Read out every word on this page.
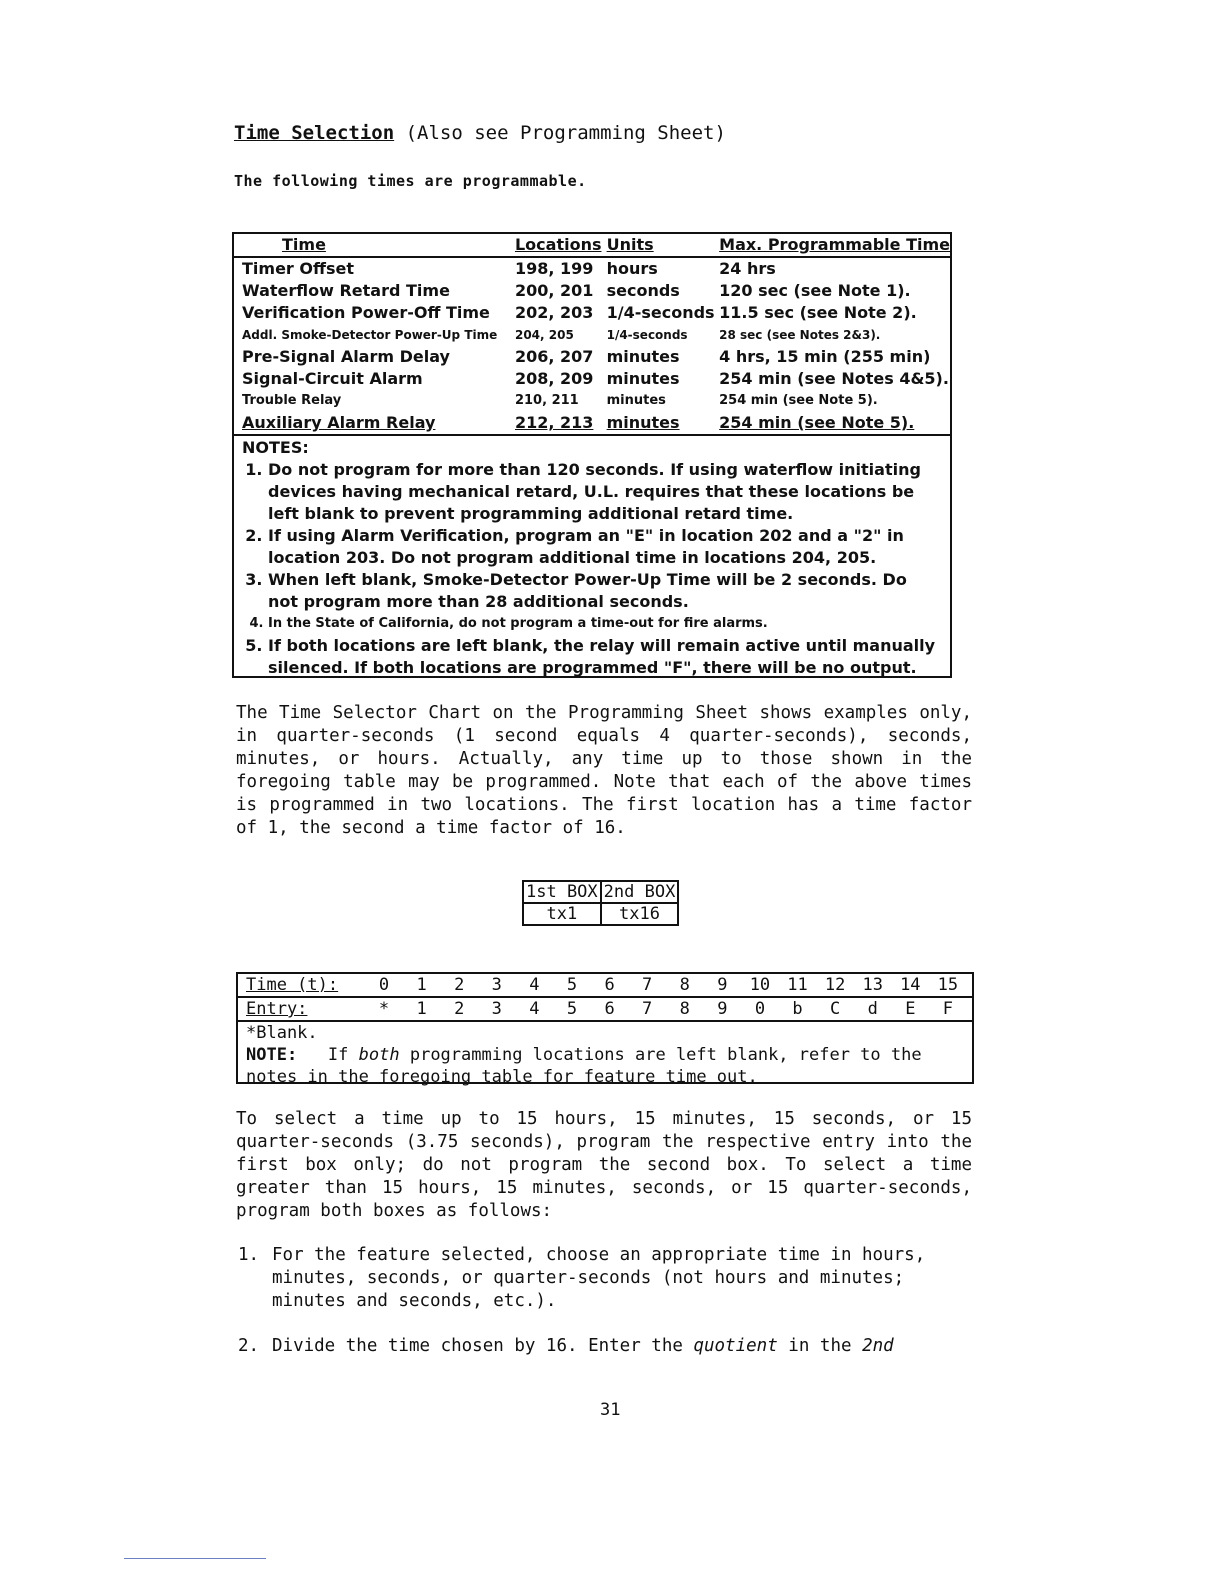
Time Selection (Also see Programming Sheet)
The following times are programmable.
Time	Locations	Units	Max. Programmable Time
Timer Offset	198, 199	hours	24 hrs
Waterflow Retard Time	200, 201	seconds	120 sec (see Note 1).
Verification Power-Off Time	202, 203	1/4-seconds	11.5 sec (see Note 2).
Addl. Smoke-Detector Power-Up Time	204, 205	1/4-seconds	28 sec (see Notes 2&3).
Pre-Signal Alarm Delay	206, 207	minutes	4 hrs, 15 min (255 min)
Signal-Circuit Alarm	208, 209	minutes	254 min (see Notes 4&5).
Trouble Relay	210, 211	minutes	254 min (see Note 5).
Auxiliary Alarm Relay	212, 213	minutes	254 min (see Note 5).
NOTES:
1. Do not program for more than 120 seconds. If using waterflow initiating devices having mechanical retard, U.L. requires that these locations be left blank to prevent programming additional retard time.
2. If using Alarm Verification, program an "E" in location 202 and a "2" in location 203. Do not program additional time in locations 204, 205.
3. When left blank, Smoke-Detector Power-Up Time will be 2 seconds. Do not program more than 28 additional seconds.
4. In the State of California, do not program a time-out for fire alarms.
5. If both locations are left blank, the relay will remain active until manually silenced. If both locations are programmed "F", there will be no output.
The Time Selector Chart on the Programming Sheet shows examples only, in quarter-seconds (1 second equals 4 quarter-seconds), seconds, minutes, or hours. Actually, any time up to those shown in the foregoing table may be programmed. Note that each of the above times is programmed in two locations. The first location has a time factor of 1, the second a time factor of 16.
1st BOX	2nd BOX
tx1	tx16
Time (t):	0	1	2	3	4	5	6	7	8	9	10	11	12	13	14	15
Entry:	*	1	2	3	4	5	6	7	8	9	0	b	C	d	E	F
*Blank.
NOTE: If both programming locations are left blank, refer to the notes in the foregoing table for feature time out.
To select a time up to 15 hours, 15 minutes, 15 seconds, or 15 quarter-seconds (3.75 seconds), program the respective entry into the first box only; do not program the second box. To select a time greater than 15 hours, 15 minutes, seconds, or 15 quarter-seconds, program both boxes as follows:
1. For the feature selected, choose an appropriate time in hours, minutes, seconds, or quarter-seconds (not hours and minutes; minutes and seconds, etc.).
2. Divide the time chosen by 16. Enter the quotient in the 2nd
31
